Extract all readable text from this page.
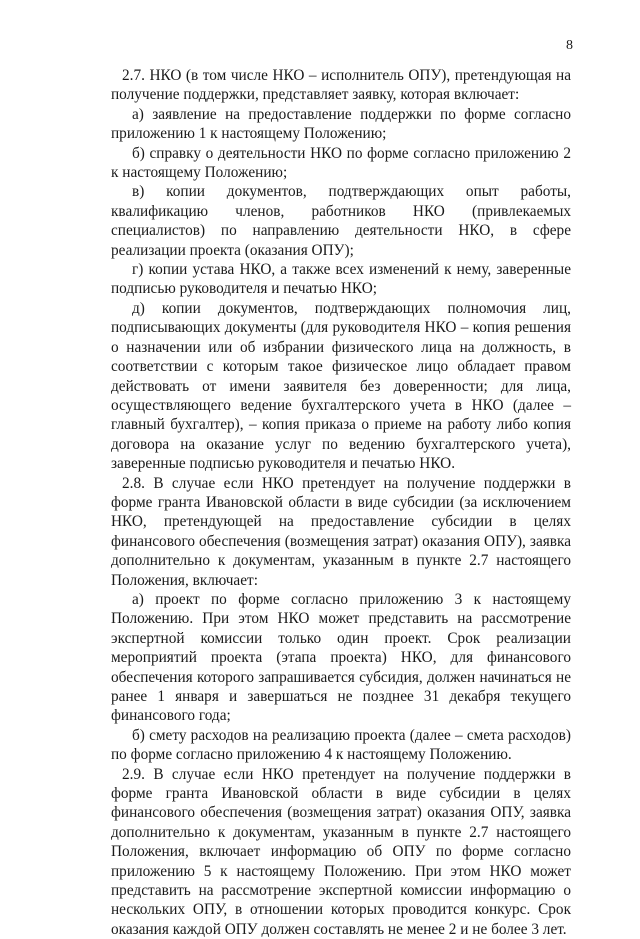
8

2.7. НКО (в том числе НКО – исполнитель ОПУ), претендующая на получение поддержки, представляет заявку, которая включает:

а) заявление на предоставление поддержки по форме согласно приложению 1 к настоящему Положению;

б) справку о деятельности НКО по форме согласно приложению 2 к настоящему Положению;

в) копии документов, подтверждающих опыт работы, квалификацию членов, работников НКО (привлекаемых специалистов) по направлению деятельности НКО, в сфере реализации проекта (оказания ОПУ);

г) копии устава НКО, а также всех изменений к нему, заверенные подписью руководителя и печатью НКО;

д) копии документов, подтверждающих полномочия лиц, подписывающих документы (для руководителя НКО – копия решения о назначении или об избрании физического лица на должность, в соответствии с которым такое физическое лицо обладает правом действовать от имени заявителя без доверенности; для лица, осуществляющего ведение бухгалтерского учета в НКО (далее – главный бухгалтер), – копия приказа о приеме на работу либо копия договора на оказание услуг по ведению бухгалтерского учета), заверенные подписью руководителя и печатью НКО.

2.8. В случае если НКО претендует на получение поддержки в форме гранта Ивановской области в виде субсидии (за исключением НКО, претендующей на предоставление субсидии в целях финансового обеспечения (возмещения затрат) оказания ОПУ), заявка дополнительно к документам, указанным в пункте 2.7 настоящего Положения, включает:

а) проект по форме согласно приложению 3 к настоящему Положению. При этом НКО может представить на рассмотрение экспертной комиссии только один проект. Срок реализации мероприятий проекта (этапа проекта) НКО, для финансового обеспечения которого запрашивается субсидия, должен начинаться не ранее 1 января и завершаться не позднее 31 декабря текущего финансового года;

б) смету расходов на реализацию проекта (далее – смета расходов) по форме согласно приложению 4 к настоящему Положению.

2.9. В случае если НКО претендует на получение поддержки в форме гранта Ивановской области в виде субсидии в целях финансового обеспечения (возмещения затрат) оказания ОПУ, заявка дополнительно к документам, указанным в пункте 2.7 настоящего Положения, включает информацию об ОПУ по форме согласно приложению 5 к настоящему Положению. При этом НКО может представить на рассмотрение экспертной комиссии информацию о нескольких ОПУ, в отношении которых проводится конкурс. Срок оказания каждой ОПУ должен составлять не менее 2 и не более 3 лет.
